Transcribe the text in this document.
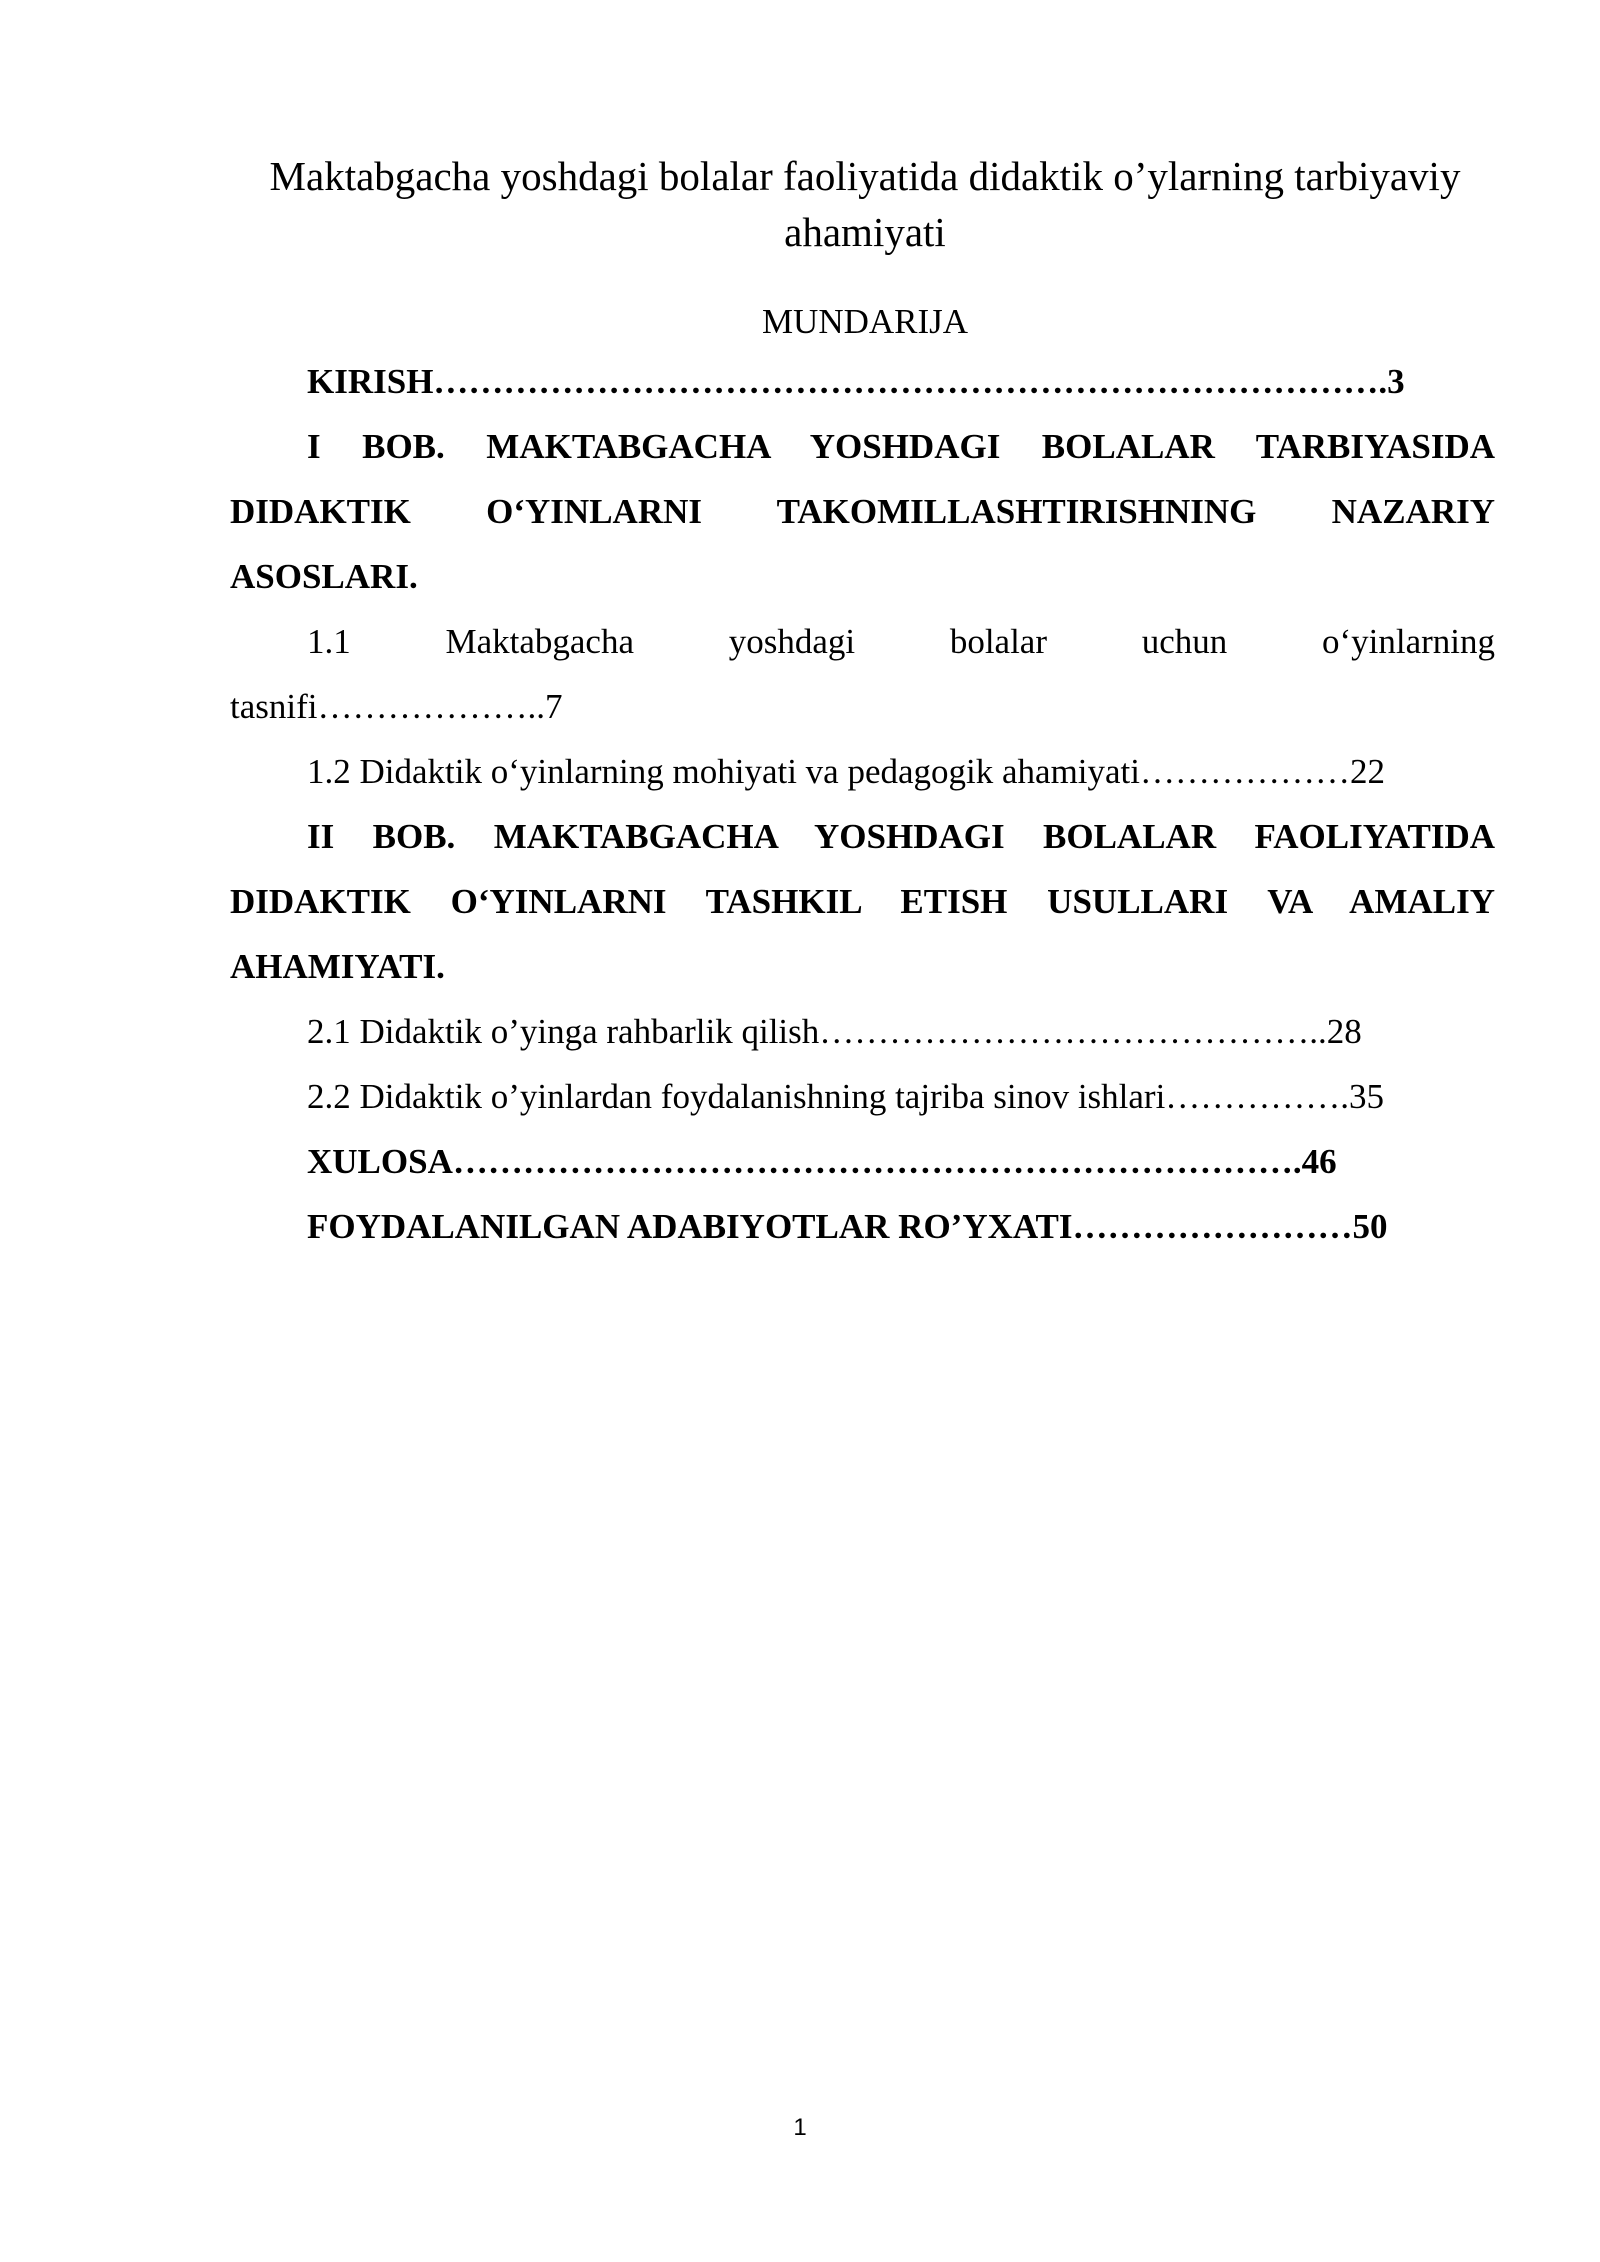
Maktabgacha yoshdagi bolalar faoliyatida didaktik o’ylarning tarbiyaviy ahamiyati
MUNDARIJA
KIRISH……………………………………………………………………….3
I BOB. MAKTABGACHA YOSHDAGI BOLALAR TARBIYASIDA
DIDAKTIK O‘YINLARNI TAKOMILLASHTIRISHNING NAZARIY
ASOSLARI.
1.1 Maktabgacha yoshdagi bolalar uchun o‘yinlarning
tasnifi………………..7
1.2 Didaktik o‘yinlarning mohiyati va pedagogik ahamiyati………………22
II BOB. MAKTABGACHA YOSHDAGI BOLALAR FAOLIYATIDA
DIDAKTIK O‘YINLARNI TASHKIL ETISH USULLARI VA AMALIY
AHAMIYATI.
2.1 Didaktik o’yinga rahbarlik qilish……………………………………..28
2.2 Didaktik o’yinlardan foydalanishning tajriba sinov ishlari…………….35
XULOSA……………………………………………………………….46
FOYDALANILGAN ADABIYOTLAR RO’YXATI……………………50
1
